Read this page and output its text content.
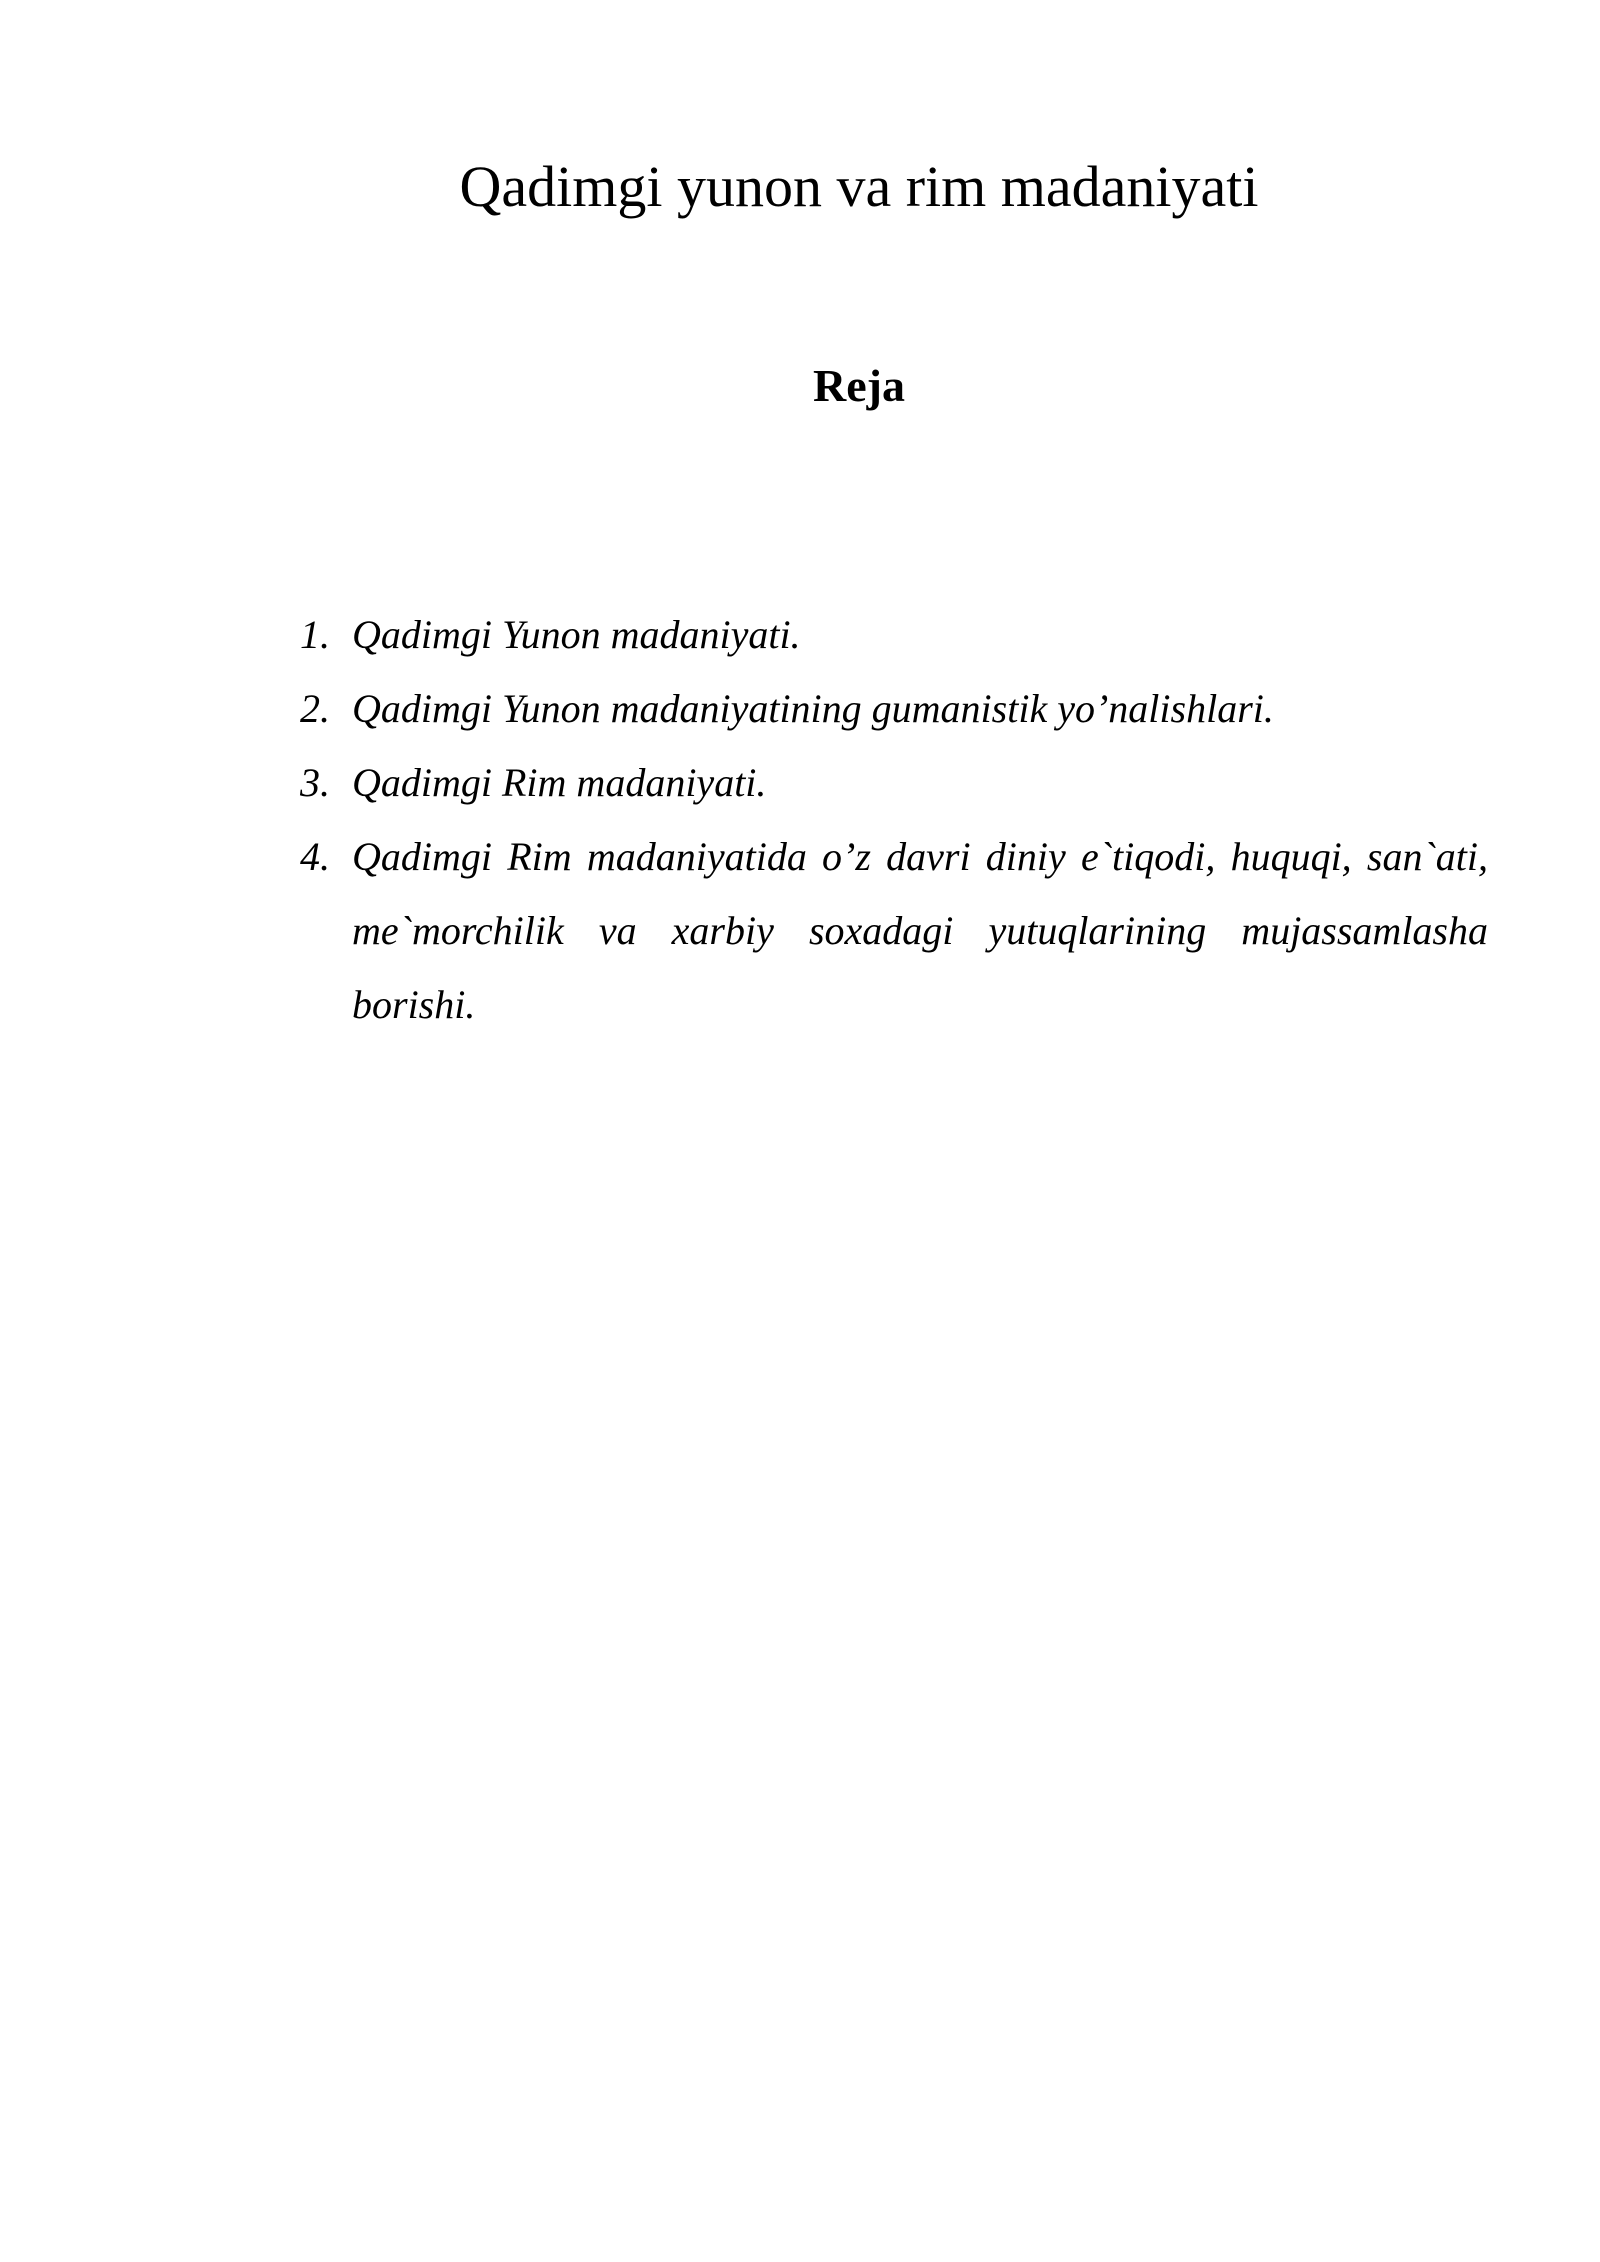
Qadimgi yunon va rim madaniyati
Reja
1. Qadimgi Yunon madaniyati.
2. Qadimgi Yunon madaniyatining gumanistik yo’nalishlari.
3. Qadimgi Rim madaniyati.
4. Qadimgi Rim madaniyatida o’z davri diniy e`tiqodi, huquqi, san`ati, me`morchilik va xarbiy soxadagi yutuqlarining mujassamlasha borishi.
